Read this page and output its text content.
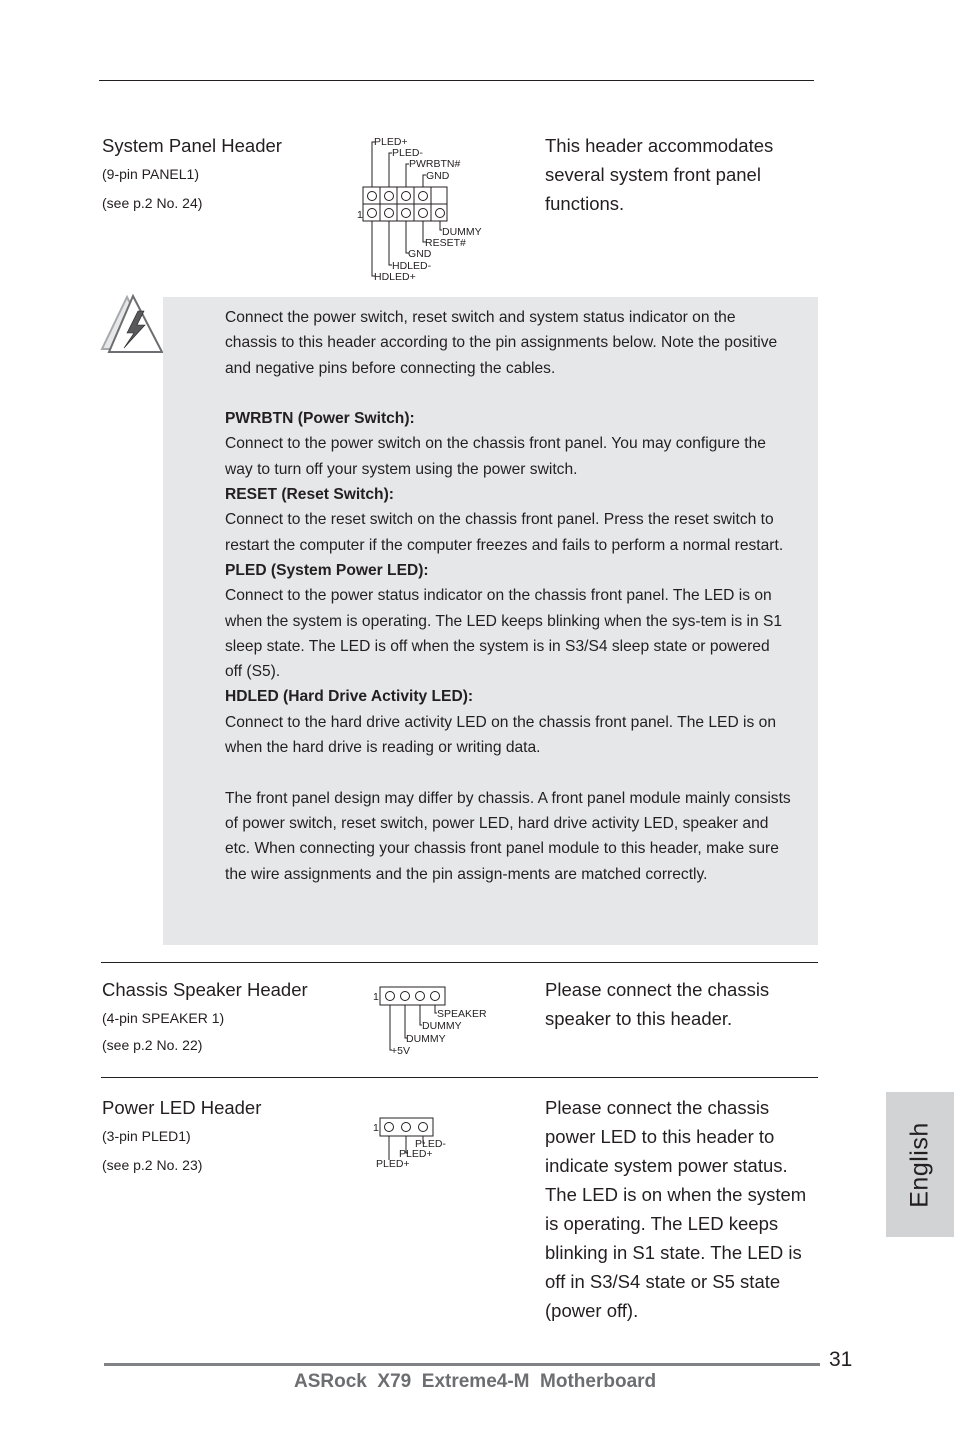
System Panel Header
(9-pin PANEL1)
(see p.2 No. 24)
This header accommodates several system front panel functions.
1
PLED+
PLED-
PWRBTN#
GND
DUMMY
RESET#
GND
HDLED-
HDLED+

Connect the power switch, reset switch and system status indicator on the chassis to this header according to the pin assignments below. Note the positive and negative pins before connecting the cables.

PWRBTN (Power Switch):

Connect to the power switch on the chassis front panel. You may configure the way to turn off your system using the power switch.

RESET (Reset Switch):

Connect to the reset switch on the chassis front panel. Press the reset switch to restart the computer if the computer freezes and fails to perform a normal restart.

PLED (System Power LED):

Connect to the power status indicator on the chassis front panel. The LED is on when the system is operating. The LED keeps blinking when the sys-tem is in S1 sleep state. The LED is off when the system is in S3/S4 sleep state or powered off (S5).

HDLED (Hard Drive Activity LED):

Connect to the hard drive activity LED on the chassis front panel. The LED is on when the hard drive is reading or writing data.

The front panel design may differ by chassis. A front panel module mainly consists of power switch, reset switch, power LED, hard drive activity LED, speaker and etc. When connecting your chassis front panel module to this header, make sure the wire assignments and the pin assign-ments are matched correctly.

Chassis Speaker Header
(4-pin SPEAKER 1)
(see p.2 No. 22)
Please connect the chassis speaker to this header.
1
SPEAKER
DUMMY
DUMMY
+5V
Power LED Header
(3-pin PLED1)
(see p.2 No. 23)
Please connect the chassis power LED to this header to indicate system power status. The LED is on when the system is operating. The LED keeps blinking in S1 state. The LED is off in S3/S4 state or S5 state (power off).
1
PLED-
PLED+
PLED+	English
31
ASRock  X79  Extreme4-M  Motherboard
